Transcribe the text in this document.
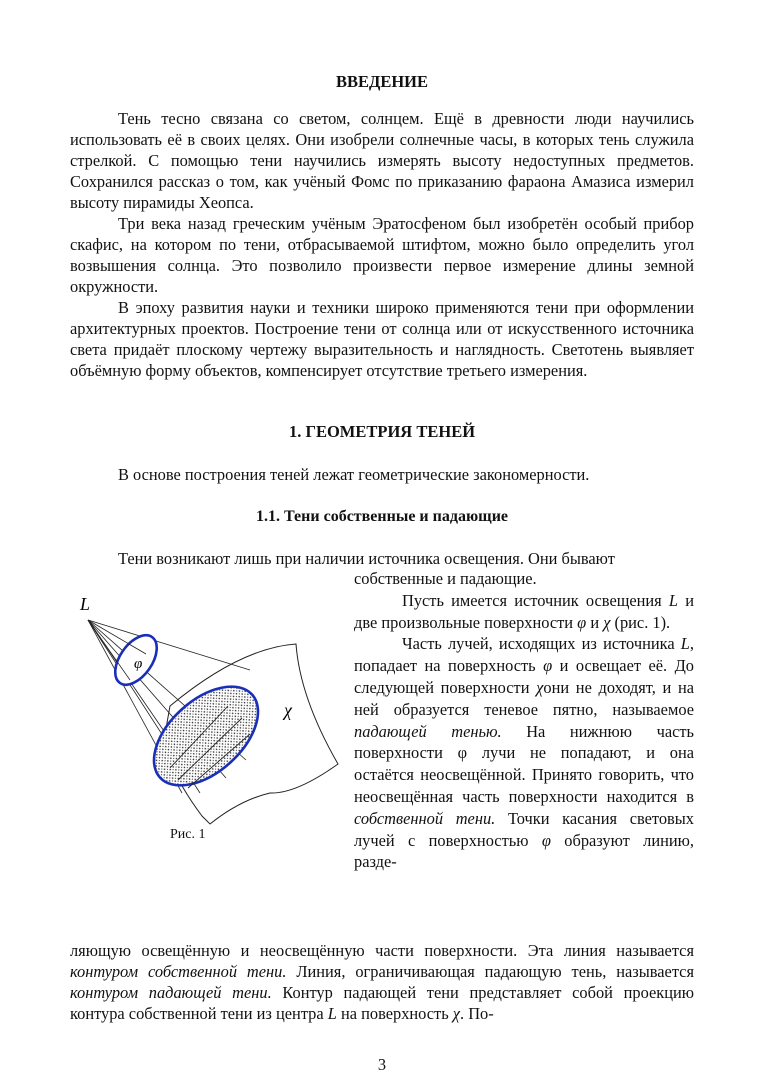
ВВЕДЕНИЕ

Тень тесно связана со светом, солнцем. Ещё в древности люди научились использовать её в своих целях. Они изобрели солнечные часы, в которых тень служила стрелкой. С помощью тени научились измерять высоту недоступных предметов. Сохранился рассказ о том, как учёный Фомс по приказанию фараона Амазиса измерил высоту пирамиды Хеопса.

Три века назад греческим учёным Эратосфеном был изобретён особый прибор скафис, на котором по тени, отбрасываемой штифтом, можно было определить угол возвышения солнца. Это позволило произвести первое измерение длины земной окружности.

В эпоху развития науки и техники широко применяются тени при оформлении архитектурных проектов. Построение тени от солнца или от искусственного источника света придаёт плоскому чертежу выразительность и наглядность. Светотень выявляет объёмную форму объектов, компенсирует отсутствие третьего измерения.

1. ГЕОМЕТРИЯ ТЕНЕЙ

В основе построения теней лежат геометрические закономерности.

1.1. Тени собственные и падающие

Тени возникают лишь при наличии источника освещения. Они бывают

собственные и падающие.

Пусть имеется источник освещения L и две произвольные поверхности φ и χ (рис. 1).

Часть лучей, исходящих из источника L, попадает на поверхность φ и освещает её. До следующей поверхности χони не доходят, и на ней образуется теневое пятно, называемое падающей тенью. На нижнюю часть поверхности φ лучи не попадают, и она остаётся неосвещённой. Принято говорить, что неосвещённая часть поверхности находится в собственной тени. Точки касания световых лучей с поверхностью φ образуют линию, разде-

L
φ
χ
Рис. 1

ляющую освещённую и неосвещённую части поверхности. Эта линия называется контуром собственной тени. Линия, ограничивающая падающую тень, называется контуром падающей тени. Контур падающей тени представляет собой проекцию контура собственной тени из центра L на поверхность χ. По-

3
